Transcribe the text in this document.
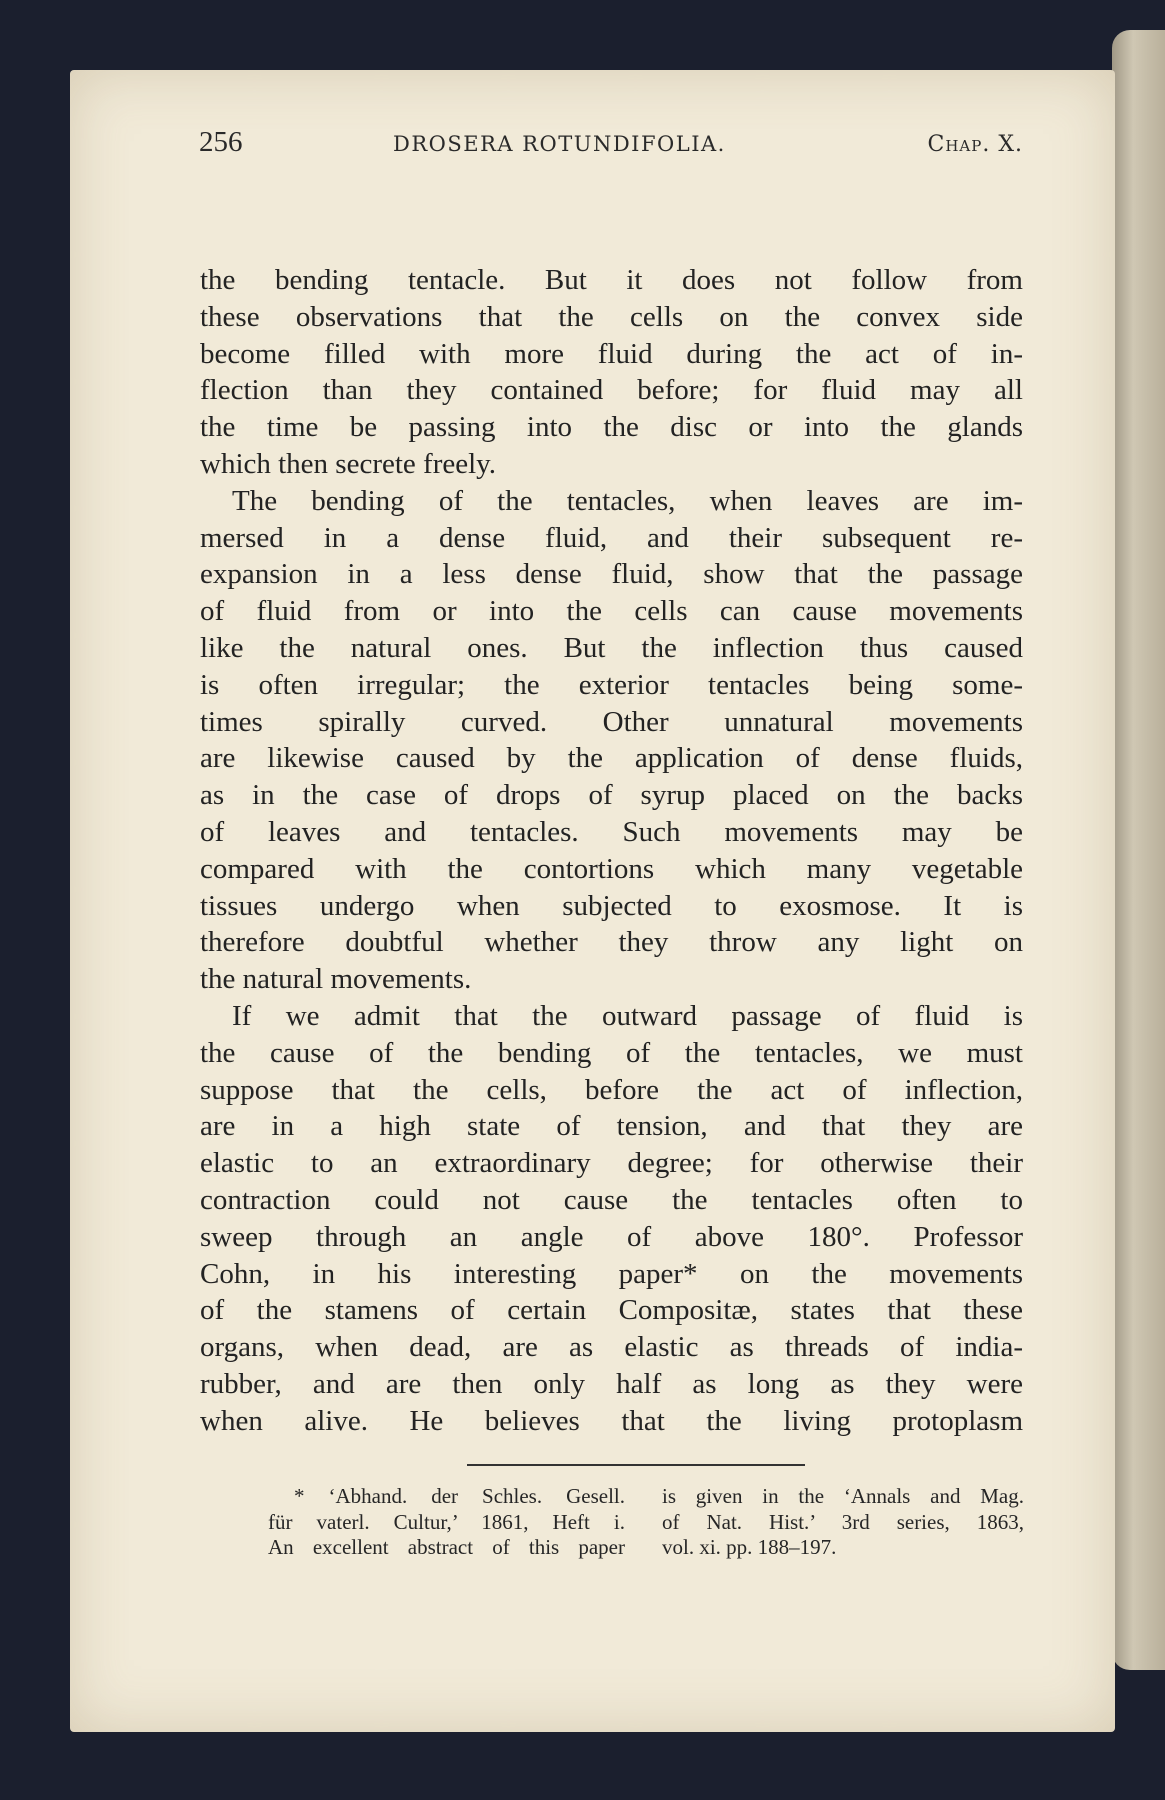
256	DROSERA ROTUNDIFOLIA.	Chap. X.
the bending tentacle. But it does not follow from
these observations that the cells on the convex side
become filled with more fluid during the act of in-
flection than they contained before; for fluid may all
the time be passing into the disc or into the glands
which then secrete freely.
The bending of the tentacles, when leaves are im-
mersed in a dense fluid, and their subsequent re-
expansion in a less dense fluid, show that the passage
of fluid from or into the cells can cause movements
like the natural ones. But the inflection thus caused
is often irregular; the exterior tentacles being some-
times spirally curved. Other unnatural movements
are likewise caused by the application of dense fluids,
as in the case of drops of syrup placed on the backs
of leaves and tentacles. Such movements may be
compared with the contortions which many vegetable
tissues undergo when subjected to exosmose. It is
therefore doubtful whether they throw any light on
the natural movements.
If we admit that the outward passage of fluid is
the cause of the bending of the tentacles, we must
suppose that the cells, before the act of inflection,
are in a high state of tension, and that they are
elastic to an extraordinary degree; for otherwise their
contraction could not cause the tentacles often to
sweep through an angle of above 180°. Professor
Cohn, in his interesting paper* on the movements
of the stamens of certain Compositæ, states that these
organs, when dead, are as elastic as threads of india-
rubber, and are then only half as long as they were
when alive. He believes that the living protoplasm
* ‘Abhand. der Schles. Gesell.
für vaterl. Cultur,’ 1861, Heft i.
An excellent abstract of this paper
is given in the ‘Annals and Mag.
of Nat. Hist.’ 3rd series, 1863,
vol. xi. pp. 188–197.
